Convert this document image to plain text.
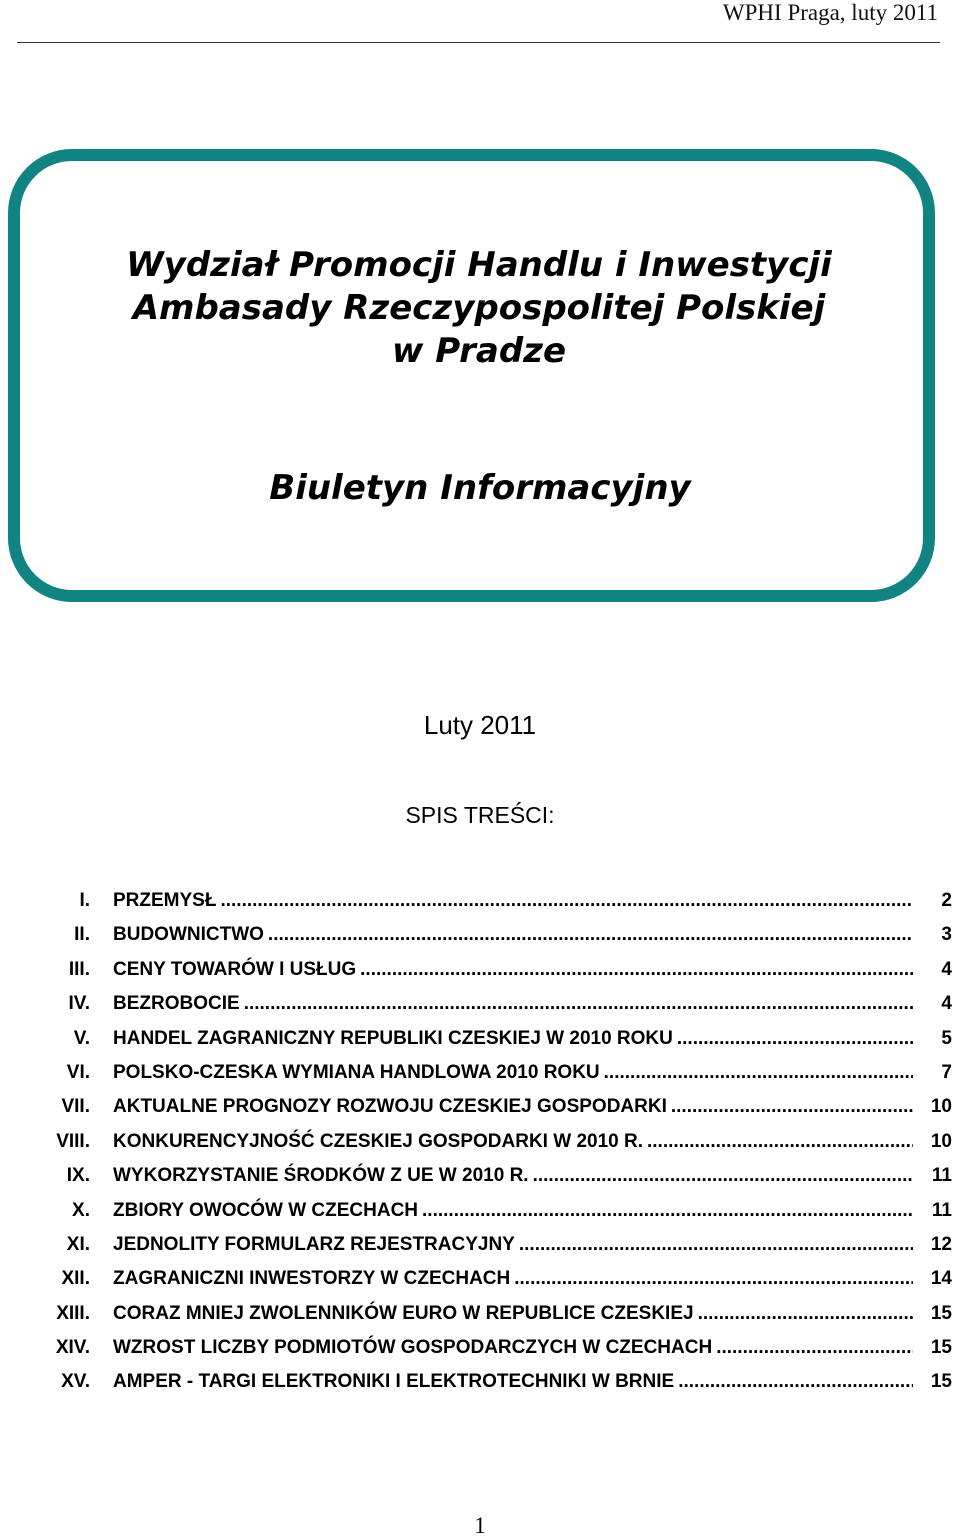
WPHI Praga, luty 2011
Wydział Promocji Handlu i Inwestycji
Ambasady Rzeczypospolitej Polskiej
w Pradze
Biuletyn Informacyjny
Luty 2011
SPIS TREŚCI:
I. PRZEMYSŁ .....	2
II. BUDOWNICTWO .....	3
III. CENY TOWARÓW I USŁUG .....	4
IV. BEZROBOCIE .....	4
V. HANDEL ZAGRANICZNY REPUBLIKI CZESKIEJ W 2010 ROKU .....	5
VI. POLSKO-CZESKA WYMIANA HANDLOWA 2010 ROKU .....	7
VII. AKTUALNE PROGNOZY ROZWOJU CZESKIEJ GOSPODARKI .....	10
VIII. KONKURENCYJNOŚĆ CZESKIEJ GOSPODARKI W 2010 R. .....	10
IX. WYKORZYSTANIE ŚRODKÓW Z UE W 2010 R. .....	11
X. ZBIORY OWOCÓW W CZECHACH .....	11
XI. JEDNOLITY FORMULARZ REJESTRACYJNY .....	12
XII. ZAGRANICZNI INWESTORZY W CZECHACH .....	14
XIII. CORAZ MNIEJ ZWOLENNIKÓW EURO W REPUBLICE CZESKIEJ .....	15
XIV. WZROST LICZBY PODMIOTÓW GOSPODARCZYCH W CZECHACH .....	15
XV. AMPER - TARGI ELEKTRONIKI I ELEKTROTECHNIKI W BRNIE .....	15
1
